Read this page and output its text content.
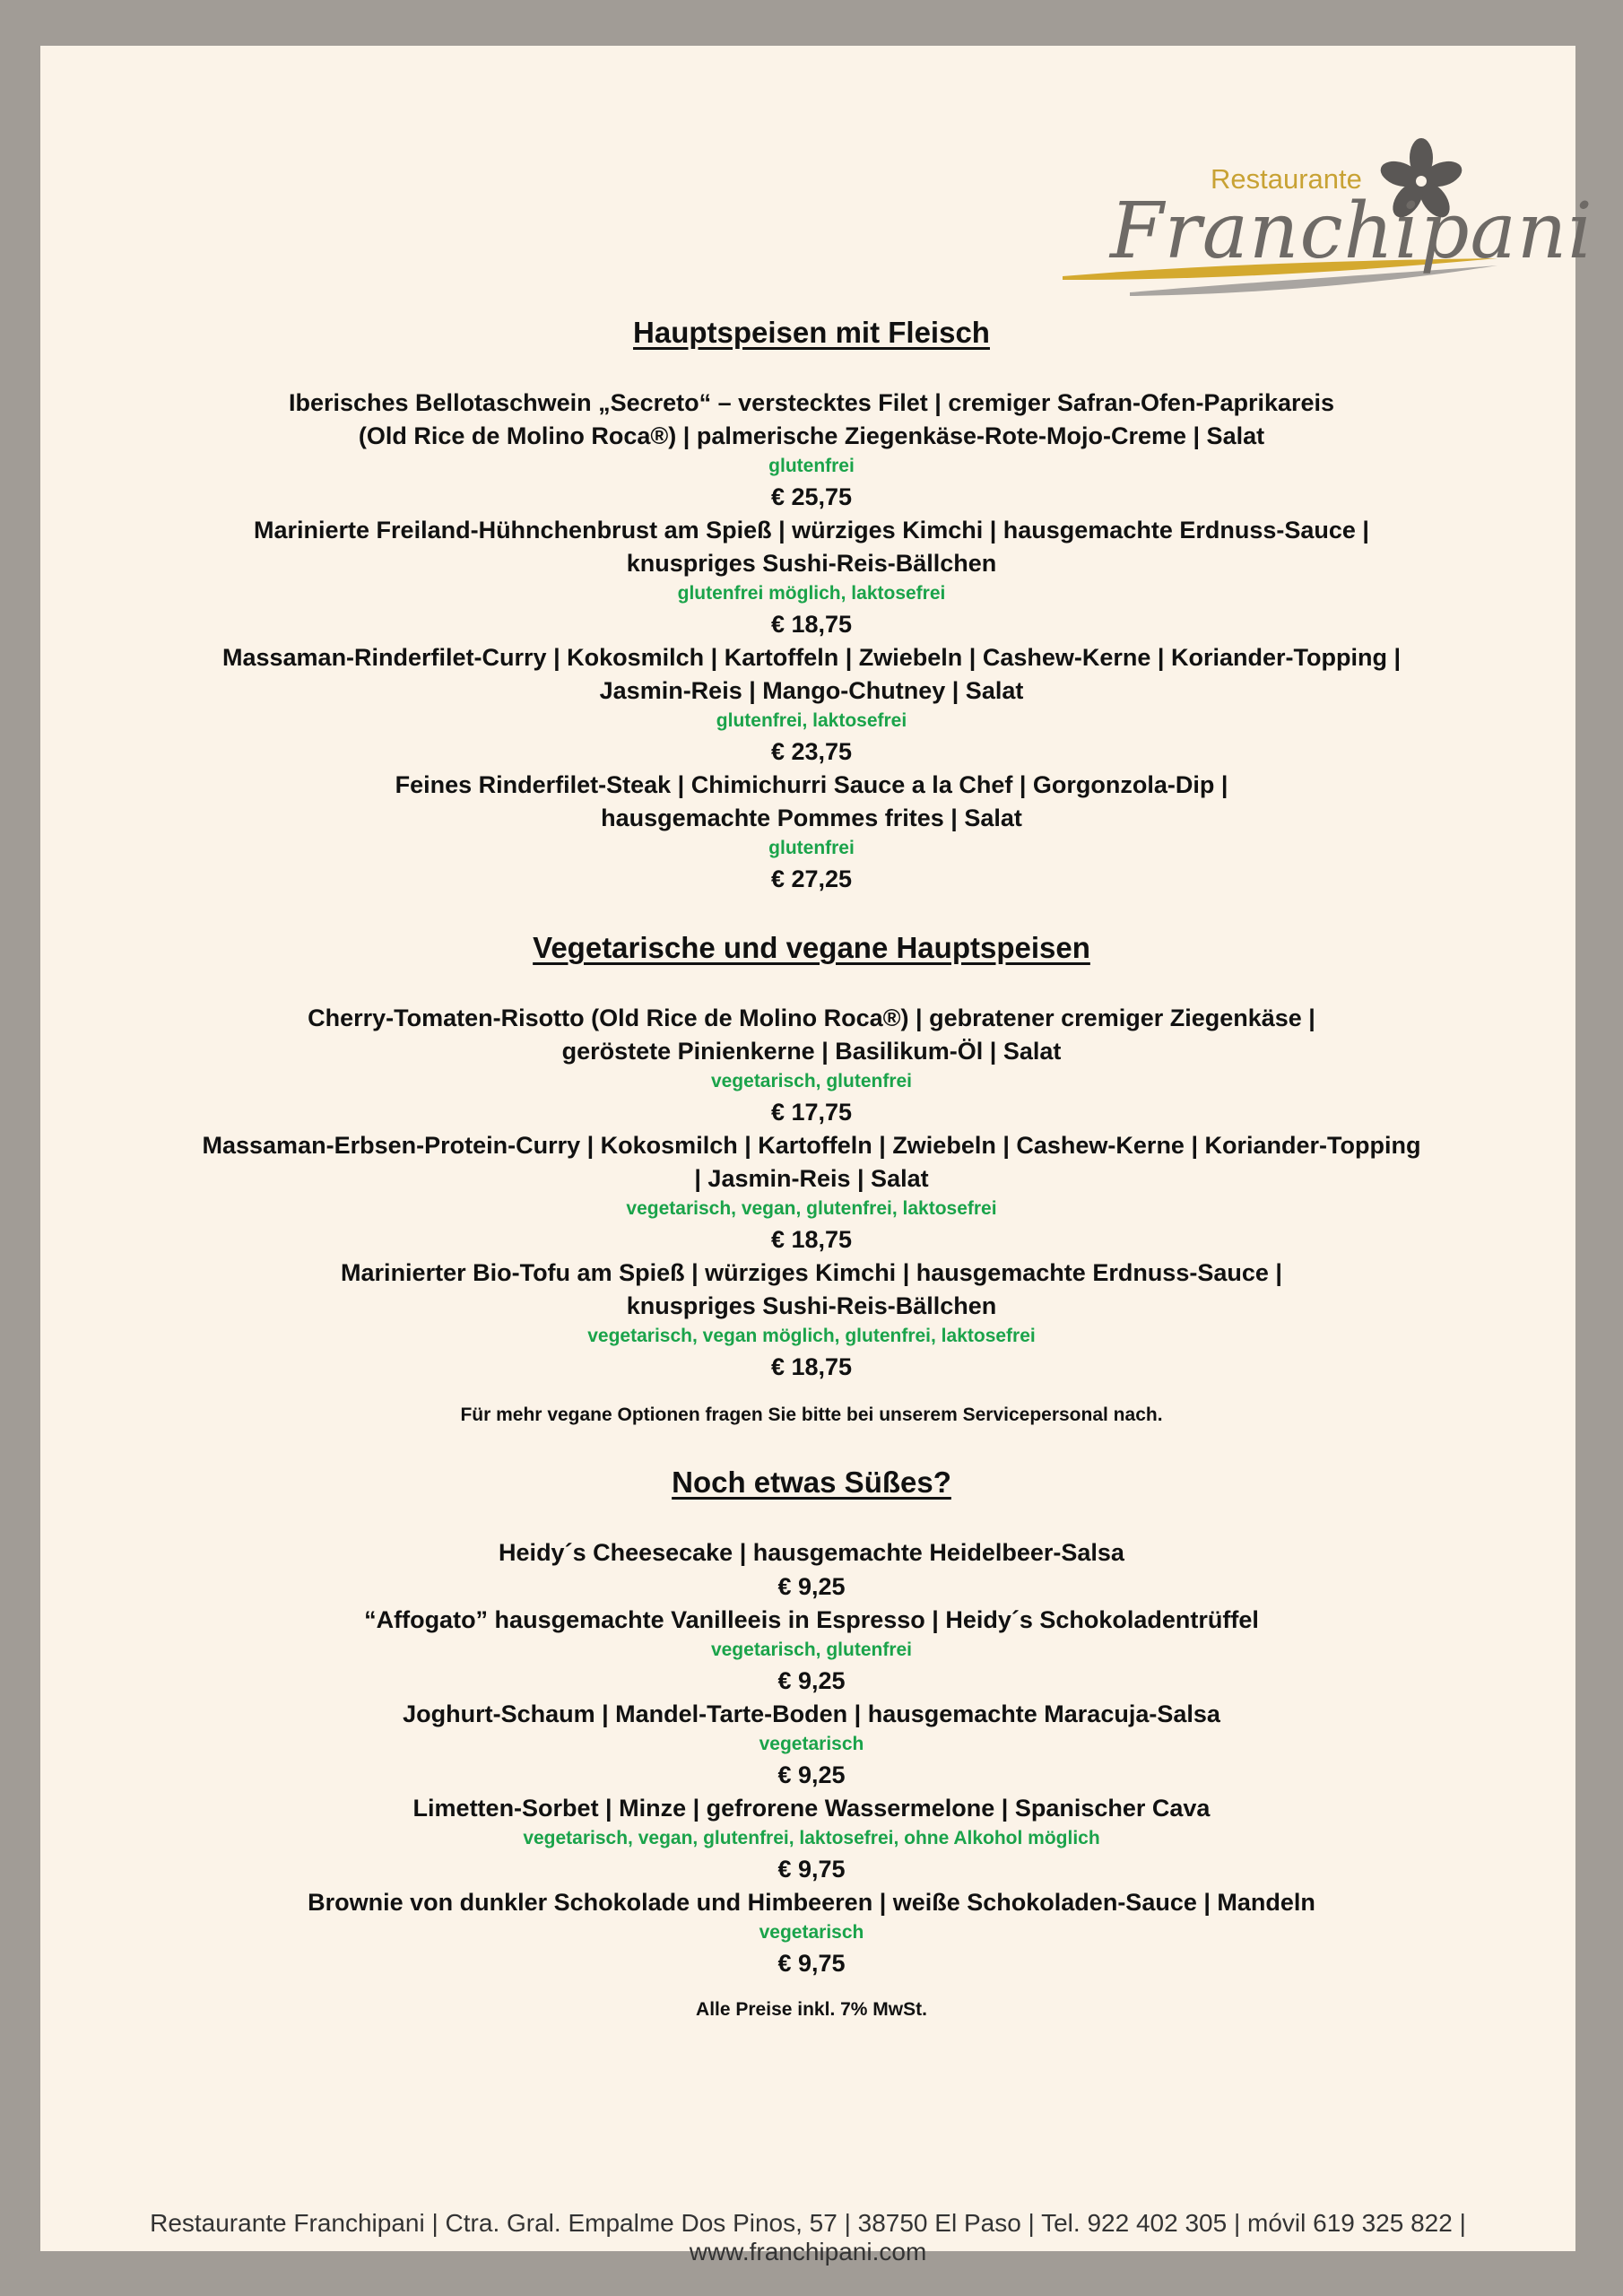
Restaurante
Franchipani
Hauptspeisen mit Fleisch
Iberisches Bellotaschwein „Secreto“ – verstecktes Filet | cremiger Safran-Ofen-Paprikareis
(Old Rice de Molino Roca®) | palmerische Ziegenkäse-Rote-Mojo-Creme | Salat
glutenfrei
€ 25,75
Marinierte Freiland-Hühnchenbrust am Spieß | würziges Kimchi | hausgemachte Erdnuss-Sauce |
knuspriges Sushi-Reis-Bällchen
glutenfrei möglich, laktosefrei
€ 18,75
Massaman-Rinderfilet-Curry | Kokosmilch | Kartoffeln | Zwiebeln | Cashew-Kerne | Koriander-Topping |
Jasmin-Reis | Mango-Chutney | Salat
glutenfrei, laktosefrei
€ 23,75
Feines Rinderfilet-Steak | Chimichurri Sauce a la Chef | Gorgonzola-Dip |
hausgemachte Pommes frites | Salat
glutenfrei
€ 27,25
Vegetarische und vegane Hauptspeisen
Cherry-Tomaten-Risotto (Old Rice de Molino Roca®) | gebratener cremiger Ziegenkäse |
geröstete Pinienkerne | Basilikum-Öl | Salat
vegetarisch, glutenfrei
€ 17,75
Massaman-Erbsen-Protein-Curry | Kokosmilch | Kartoffeln | Zwiebeln | Cashew-Kerne | Koriander-Topping
| Jasmin-Reis | Salat
vegetarisch, vegan, glutenfrei, laktosefrei
€ 18,75
Marinierter Bio-Tofu am Spieß | würziges Kimchi | hausgemachte Erdnuss-Sauce |
knuspriges Sushi-Reis-Bällchen
vegetarisch, vegan möglich, glutenfrei, laktosefrei
€ 18,75
Für mehr vegane Optionen fragen Sie bitte bei unserem Servicepersonal nach.
Noch etwas Süßes?
Heidy´s Cheesecake | hausgemachte Heidelbeer-Salsa
€ 9,25
“Affogato” hausgemachte Vanilleeis in Espresso | Heidy´s Schokoladentrüffel
vegetarisch, glutenfrei
€ 9,25
Joghurt-Schaum | Mandel-Tarte-Boden | hausgemachte Maracuja-Salsa
vegetarisch
€ 9,25
Limetten-Sorbet | Minze | gefrorene Wassermelone | Spanischer Cava
vegetarisch, vegan, glutenfrei, laktosefrei, ohne Alkohol möglich
€ 9,75
Brownie von dunkler Schokolade und Himbeeren | weiße Schokoladen-Sauce | Mandeln
vegetarisch
€ 9,75
Alle Preise inkl. 7% MwSt.
Restaurante Franchipani | Ctra. Gral. Empalme Dos Pinos, 57 | 38750 El Paso | Tel. 922 402 305 | móvil 619 325 822 | www.franchipani.com
